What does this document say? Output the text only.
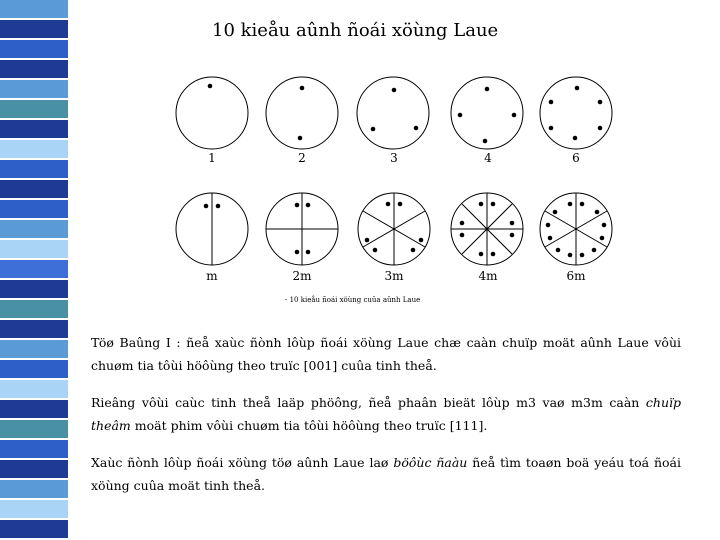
10 kieåu aûnh ñoái xöùng Laue
1	2	3	4	6
m	2m	3m	4m	6m
- 10 kieåu ñoái xöùng cuûa aûnh Laue
Töø Baûng I : ñeå xaùc ñònh lôùp ñoái xöùng Laue chæ caàn chuïp moät aûnh Laue vôùi chuøm tia tôùi höôùng theo truïc [001] cuûa tinh theå.
Rieâng vôùi caùc tinh theå laäp phöông, ñeå phaân bieät lôùp m3 vaø m3m caàn chuïp theâm moät phim vôùi chuøm tia tôùi höôùng theo truïc [111].
Xaùc ñònh lôùp ñoái xöùng töø aûnh Laue laø böôùc ñaàu ñeå tìm toaøn boä yeáu toá ñoái xöùng cuûa moät tinh theå.
